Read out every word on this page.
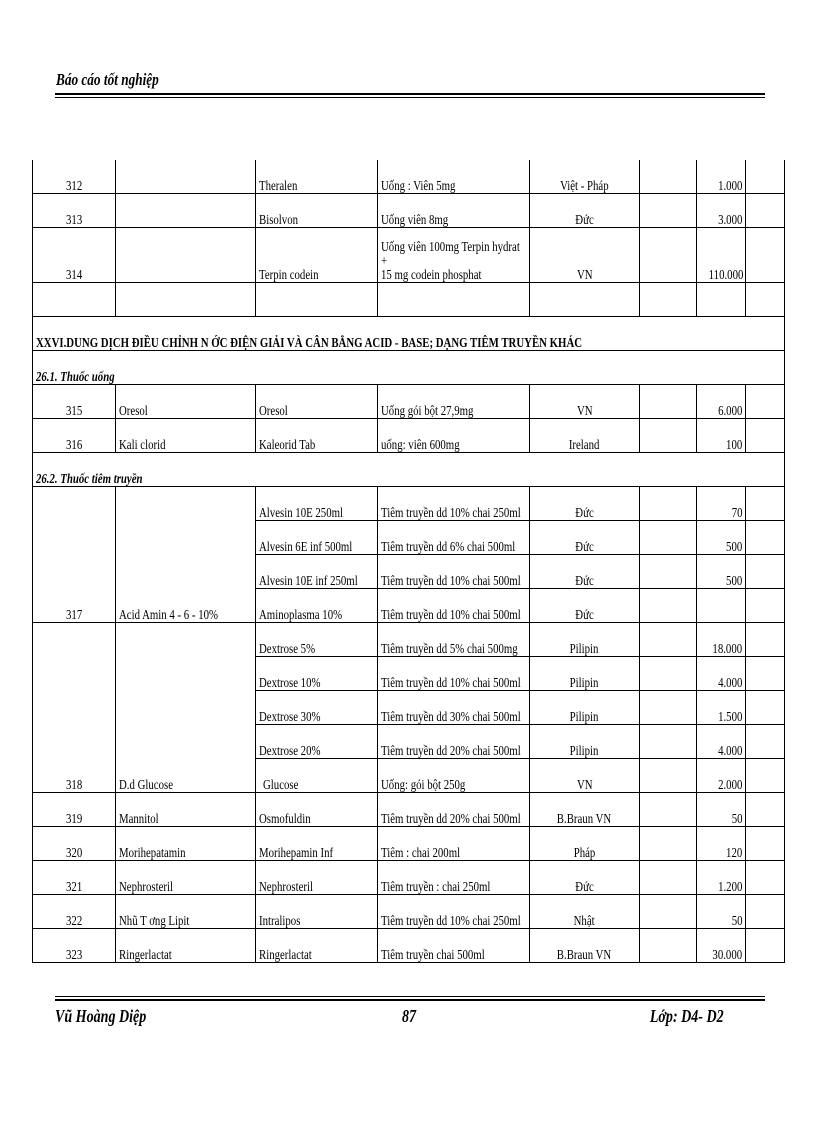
Báo cáo tốt nghiệp
312		Theralen	Uống : Viên 5mg	Việt - Pháp		1.000	
313		Bisolvon	Uống viên 8mg	Đức		3.000	
314		Terpin codein	Uống viên 100mg Terpin hydrat
+
15 mg codein phosphat	VN		110.000	

XXVI.DUNG DỊCH ĐIỀU CHỈNH N ỚC ĐIỆN GIẢI VÀ CÂN BẰNG ACID - BASE; DẠNG TIÊM TRUYỀN KHÁC							
26.1. Thuốc uống							
315	Oresol	Oresol	Uống gói bột 27,9mg	VN		6.000	
316	Kali clorid	Kaleorid Tab	uống: viên 600mg	Ireland		100	
26.2. Thuốc tiêm truyền							
		Alvesin 10E 250ml	Tiêm truyền dd 10% chai 250ml	Đức		70	
		Alvesin 6E inf 500ml	Tiêm truyền dd 6% chai 500ml	Đức		500	
		Alvesin 10E inf 250ml	Tiêm truyền dd 10% chai 500ml	Đức		500	
317	Acid Amin 4 - 6 - 10%	Aminoplasma 10%	Tiêm truyền dd 10% chai 500ml	Đức			
		Dextrose 5%	Tiêm truyền dd 5% chai 500mg	Pilipin		18.000	
		Dextrose 10%	Tiêm truyền dd 10% chai 500ml	Pilipin		4.000	
		Dextrose 30%	Tiêm truyền dd 30% chai 500ml	Pilipin		1.500	
		Dextrose 20%	Tiêm truyền dd 20% chai 500ml	Pilipin		4.000	
318	D.d Glucose	Glucose	Uống: gói bột 250g	VN		2.000	
319	Mannitol	Osmofuldin	Tiêm truyền dd 20% chai 500ml	B.Braun VN		50	
320	Morihepatamin	Morihepamin Inf	Tiêm : chai 200ml	Pháp		120	
321	Nephrosteril	Nephrosteril	Tiêm truyền : chai 250ml	Đức		1.200	
322	Nhũ T ơng Lipit	Intralipos	Tiêm truyền dd 10% chai 250ml	Nhật		50	
323	Ringerlactat	Ringerlactat	Tiêm truyền chai 500ml	B.Braun VN		30.000	
Vũ Hoàng Diệp	87	Lớp: D4- D2
